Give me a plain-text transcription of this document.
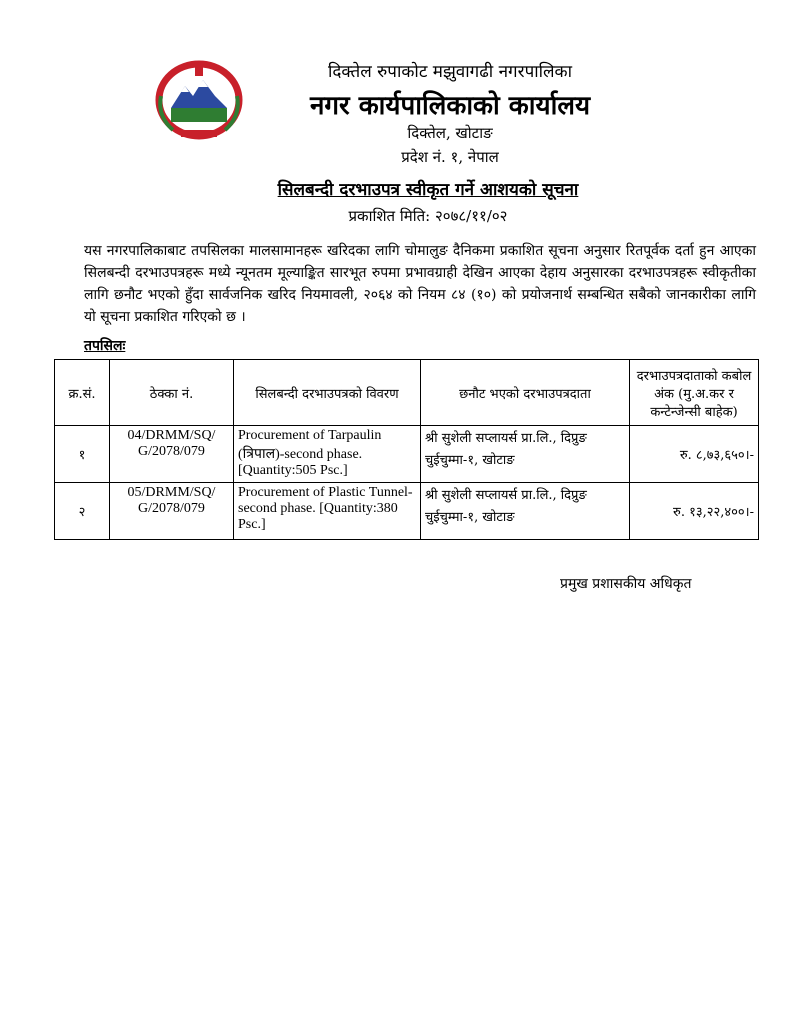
दिक्तेल रुपाकोट मझुवागढी नगरपालिका
नगर कार्यपालिकाको कार्यालय
दिक्तेल, खोटाङ
प्रदेश नं. १, नेपाल
सिलबन्दी दरभाउपत्र स्वीकृत गर्ने आशयको सूचना
प्रकाशित मिति: २०७८/११/०२
यस नगरपालिकाबाट तपसिलका मालसामानहरू खरिदका लागि चोमालुङ दैनिकमा प्रकाशित सूचना अनुसार रितपूर्वक दर्ता हुन आएका सिलबन्दी दरभाउपत्रहरू मध्ये न्यूनतम मूल्याङ्कित सारभूत रुपमा प्रभावग्राही देखिन आएका देहाय अनुसारका दरभाउपत्रहरू स्वीकृतीका लागि छनौट भएको हुँदा सार्वजनिक खरिद नियमावली, २०६४ को नियम ८४ (१०) को प्रयोजनार्थ सम्बन्धित सबैको जानकारीका लागि यो सूचना प्रकाशित गरिएको छ ।
तपसिलः
क्र.सं.	ठेक्का नं.	सिलबन्दी दरभाउपत्रको विवरण	छनौट भएको दरभाउपत्रदाता	दरभाउपत्रदाताको कबोल अंक (मु.अ.कर र कन्टेन्जेन्सी बाहेक)
१	04/DRMM/SQ/ G/2078/079	Procurement of Tarpaulin (त्रिपाल)-second phase. [Quantity:505 Psc.]	श्री सुशेली सप्लायर्स प्रा.लि., दिप्रुङ चुईचुम्मा-१, खोटाङ	रु. ८,७३,६५०।-
२	05/DRMM/SQ/ G/2078/079	Procurement of Plastic Tunnel-second phase. [Quantity:380 Psc.]	श्री सुशेली सप्लायर्स प्रा.लि., दिप्रुङ चुईचुम्मा-१, खोटाङ	रु. १३,२२,४००।-
प्रमुख प्रशासकीय अधिकृत
